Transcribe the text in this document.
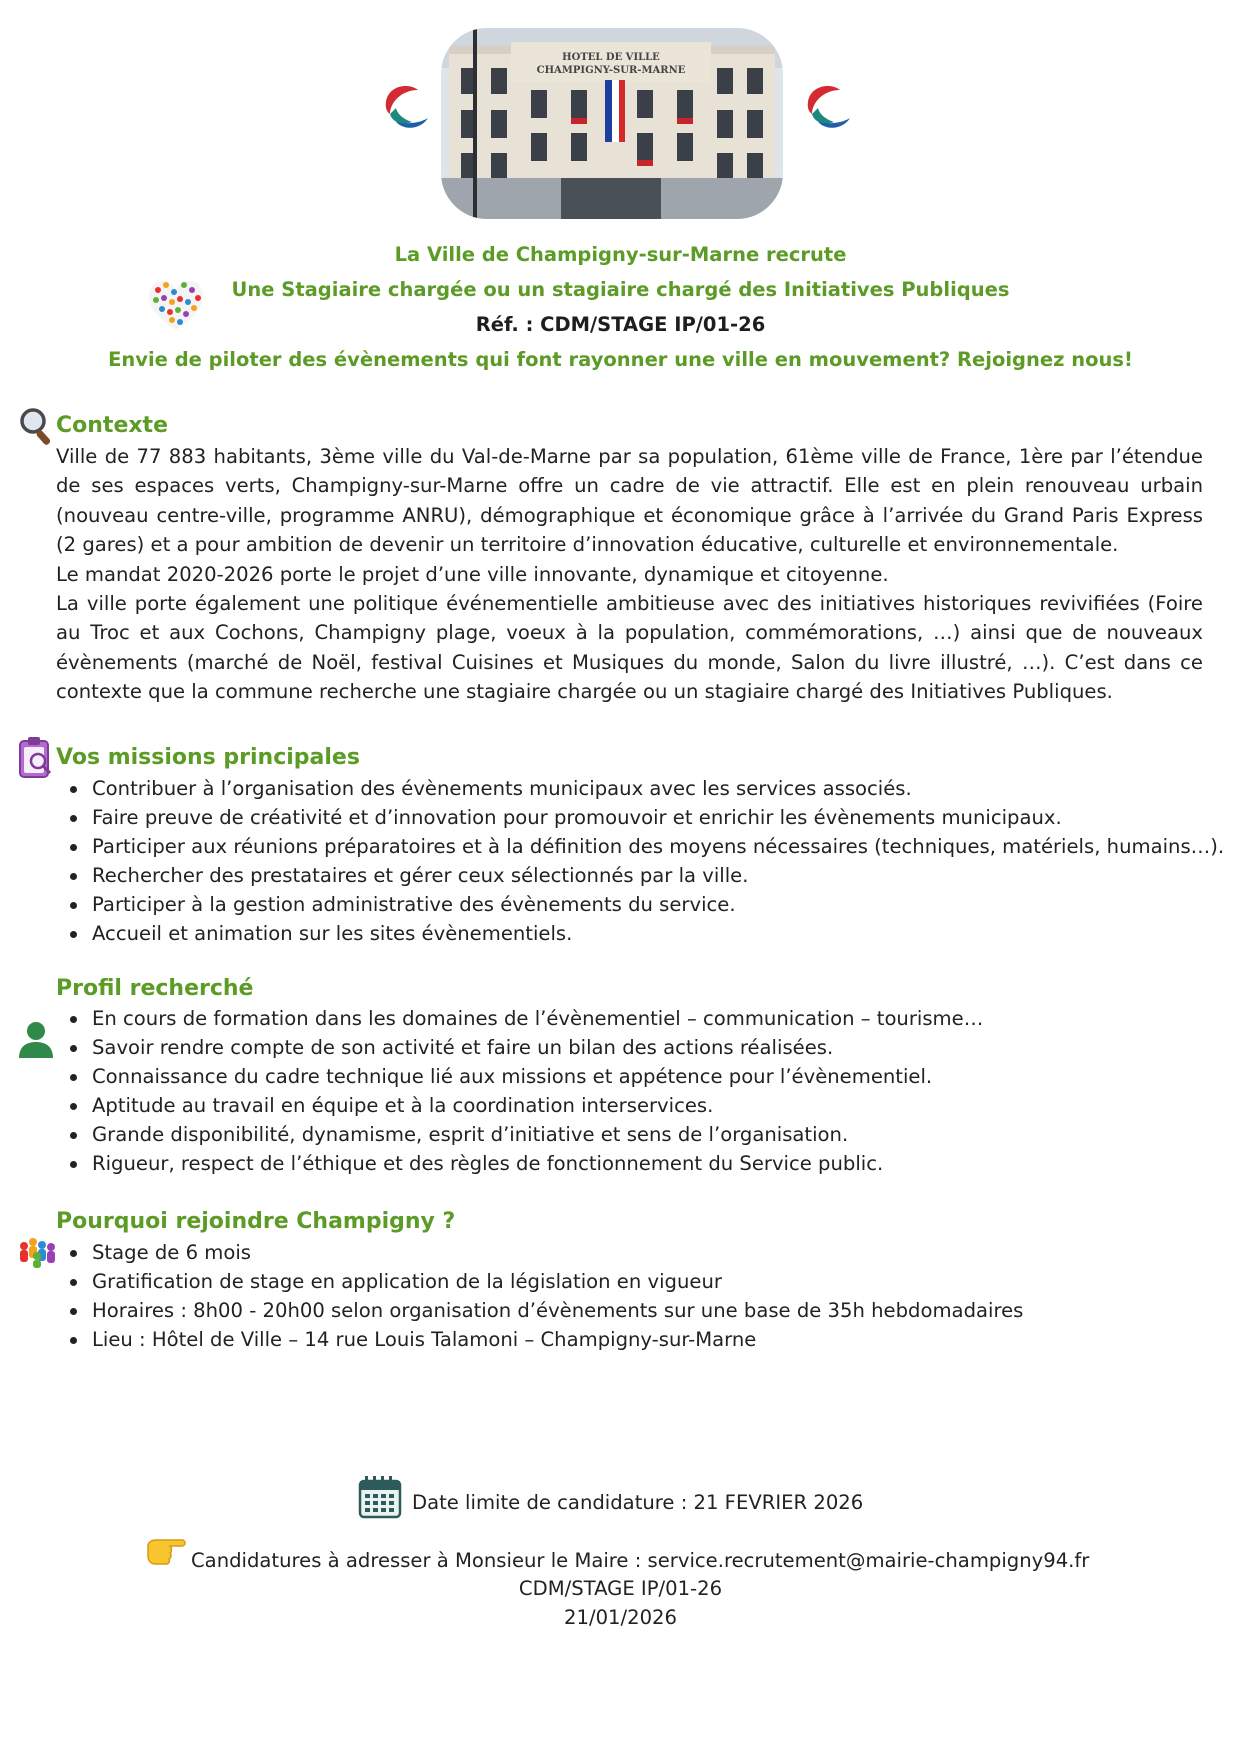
HOTEL DE VILLE
CHAMPIGNY-SUR-MARNE
La Ville de Champigny-sur-Marne recrute
Une Stagiaire chargée ou un stagiaire chargé des Initiatives Publiques
Réf. : CDM/STAGE IP/01-26
Envie de piloter des évènements qui font rayonner une ville en mouvement? Rejoignez nous!
Contexte

Ville de 77 883 habitants, 3ème ville du Val-de-Marne par sa population, 61ème ville de France, 1ère par l’étendue de ses espaces verts, Champigny-sur-Marne offre un cadre de vie attractif. Elle est en plein renouveau urbain (nouveau centre-ville, programme ANRU), démographique et économique grâce à l’arrivée du Grand Paris Express (2 gares) et a pour ambition de devenir un territoire d’innovation éducative, culturelle et environnementale.

Le mandat 2020-2026 porte le projet d’une ville innovante, dynamique et citoyenne.

La ville porte également une politique événementielle ambitieuse avec des initiatives historiques revivifiées (Foire au Troc et aux Cochons, Champigny plage, voeux à la population, commémorations, …) ainsi que de nouveaux évènements (marché de Noël, festival Cuisines et Musiques du monde, Salon du livre illustré, …). C’est dans ce contexte que la commune recherche une stagiaire chargée ou un stagiaire chargé des Initiatives Publiques.

Vos missions principales
Contribuer à l’organisation des évènements municipaux avec les services associés.
Faire preuve de créativité et d’innovation pour promouvoir et enrichir les évènements municipaux.
Participer aux réunions préparatoires et à la définition des moyens nécessaires (techniques, matériels, humains…).
Rechercher des prestataires et gérer ceux sélectionnés par la ville.
Participer à la gestion administrative des évènements du service.
Accueil et animation sur les sites évènementiels.
Profil recherché
En cours de formation dans les domaines de l’évènementiel – communication – tourisme…
Savoir rendre compte de son activité et faire un bilan des actions réalisées.
Connaissance du cadre technique lié aux missions et appétence pour l’évènementiel.
Aptitude au travail en équipe et à la coordination interservices.
Grande disponibilité, dynamisme, esprit d’initiative et sens de l’organisation.
Rigueur, respect de l’éthique et des règles de fonctionnement du Service public.
Pourquoi rejoindre Champigny ?
Stage de 6 mois
Gratification de stage en application de la législation en vigueur
Horaires : 8h00 - 20h00 selon organisation d’évènements sur une base de 35h hebdomadaires
Lieu : Hôtel de Ville – 14 rue Louis Talamoni – Champigny-sur-Marne
Date limite de candidature : 21 FEVRIER 2026
Candidatures à adresser à Monsieur le Maire : service.recrutement@mairie-champigny94.fr
CDM/STAGE IP/01-26
21/01/2026
